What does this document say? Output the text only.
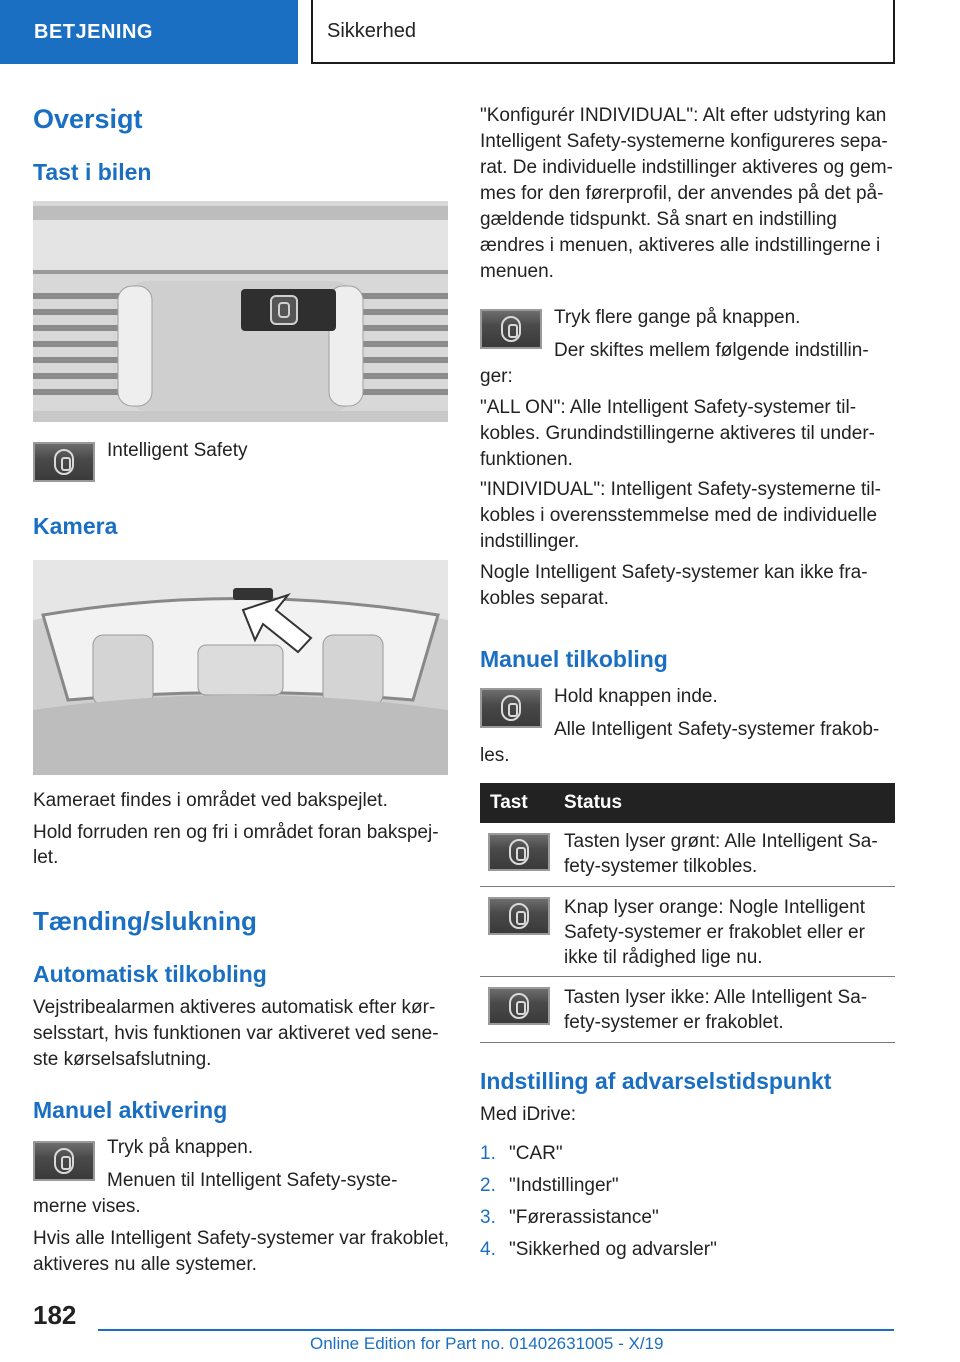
BETJENING	Sikkerhed
Oversigt
Tast i bilen
Intelligent Safety
Kamera
Kameraet findes i området ved bakspejlet.
Hold forruden ren og fri i området foran bakspej-
let.
Tænding/slukning
Automatisk tilkobling
Vejstribealarmen aktiveres automatisk efter kør-
selsstart, hvis funktionen var aktiveret ved sene-
ste kørselsafslutning.
Manuel aktivering
Tryk på knappen.
Menuen til Intelligent Safety-syste-
merne vises.
Hvis alle Intelligent Safety-systemer var frakoblet,
aktiveres nu alle systemer.
"Konfigurér INDIVIDUAL": Alt efter udstyring kan
Intelligent Safety-systemerne konfigureres sepa-
rat. De individuelle indstillinger aktiveres og gem-
mes for den førerprofil, der anvendes på det på-
gældende tidspunkt. Så snart en indstilling
ændres i menuen, aktiveres alle indstillingerne i
menuen.
Tryk flere gange på knappen.
Der skiftes mellem følgende indstillin-
ger:
"ALL ON": Alle Intelligent Safety-systemer til-
kobles. Grundindstillingerne aktiveres til under-
funktionen.
"INDIVIDUAL": Intelligent Safety-systemerne til-
kobles i overensstemmelse med de individuelle
indstillinger.
Nogle Intelligent Safety-systemer kan ikke fra-
kobles separat.
Manuel tilkobling
Hold knappen inde.
Alle Intelligent Safety-systemer frakob-
les.
Tast	Status
Tasten lyser grønt: Alle Intelligent Sa-
fety-systemer tilkobles.
Knap lyser orange: Nogle Intelligent
Safety-systemer er frakoblet eller er
ikke til rådighed lige nu.
Tasten lyser ikke: Alle Intelligent Sa-
fety-systemer er frakoblet.
Indstilling af advarselstidspunkt
Med iDrive:
1. "CAR"
2. "Indstillinger"
3. "Førerassistance"
4. "Sikkerhed og advarsler"
182
Online Edition for Part no. 01402631005 - X/19
